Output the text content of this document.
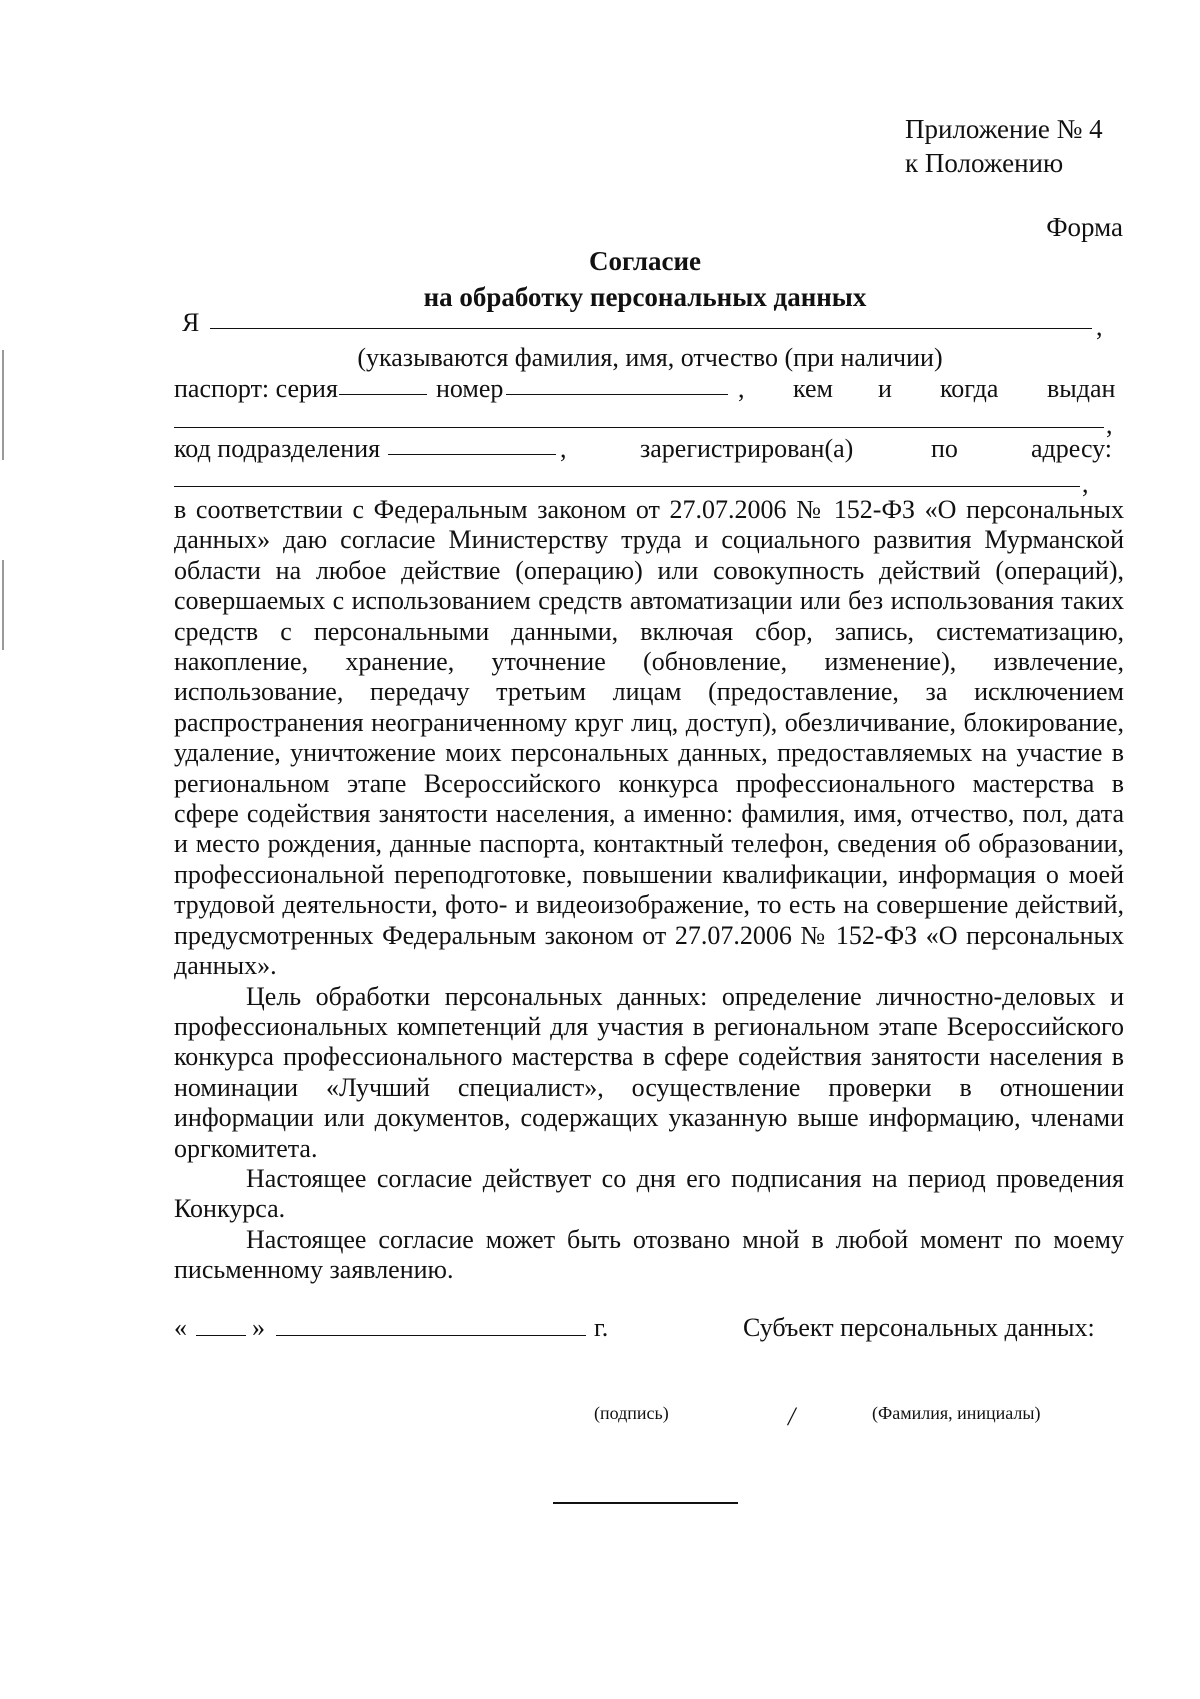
Приложение № 4
к Положению
Форма
Согласие
на обработку персональных данных
Я	,
(указываются фамилия, имя, отчество (при наличии)
паспорт: серия	номер	, кем и когда выдан
,
код подразделения	,	зарегистрирован(а)	по	адресу:
,

в соответствии с Федеральным законом от 27.07.2006 № 152-ФЗ «О персональных данных» даю согласие Министерству труда и социального развития Мурманской области на любое действие (операцию) или совокупность действий (операций), совершаемых с использованием средств автоматизации или без использования таких средств с персональными данными, включая сбор, запись, систематизацию, накопление, хранение, уточнение (обновление, изменение), извлечение, использование, передачу третьим лицам (предоставление, за исключением распространения неограниченному круг лиц, доступ), обезличивание, блокирование, удаление, уничтожение моих персональных данных, предоставляемых на участие в региональном этапе Всероссийского конкурса профессионального мастерства в сфере содействия занятости населения, а именно: фамилия, имя, отчество, пол, дата и место рождения, данные паспорта, контактный телефон, сведения об образовании, профессиональной переподготовке, повышении квалификации, информация о моей трудовой деятельности, фото- и видеоизображение, то есть на совершение действий, предусмотренных Федеральным законом от 27.07.2006 № 152-ФЗ «О персональных данных».

Цель обработки персональных данных: определение личностно-деловых и профессиональных компетенций для участия в региональном этапе Всероссийского конкурса профессионального мастерства в сфере содействия занятости населения в номинации «Лучший специалист», осуществление проверки в отношении информации или документов, содержащих указанную выше информацию, членами оргкомитета.

Настоящее согласие действует со дня его подписания на период проведения Конкурса.

Настоящее согласие может быть отозвано мной в любой момент по моему письменному заявлению.

«	»	г.	Субъект персональных данных:
(подпись)	/	(Фамилия, инициалы)
